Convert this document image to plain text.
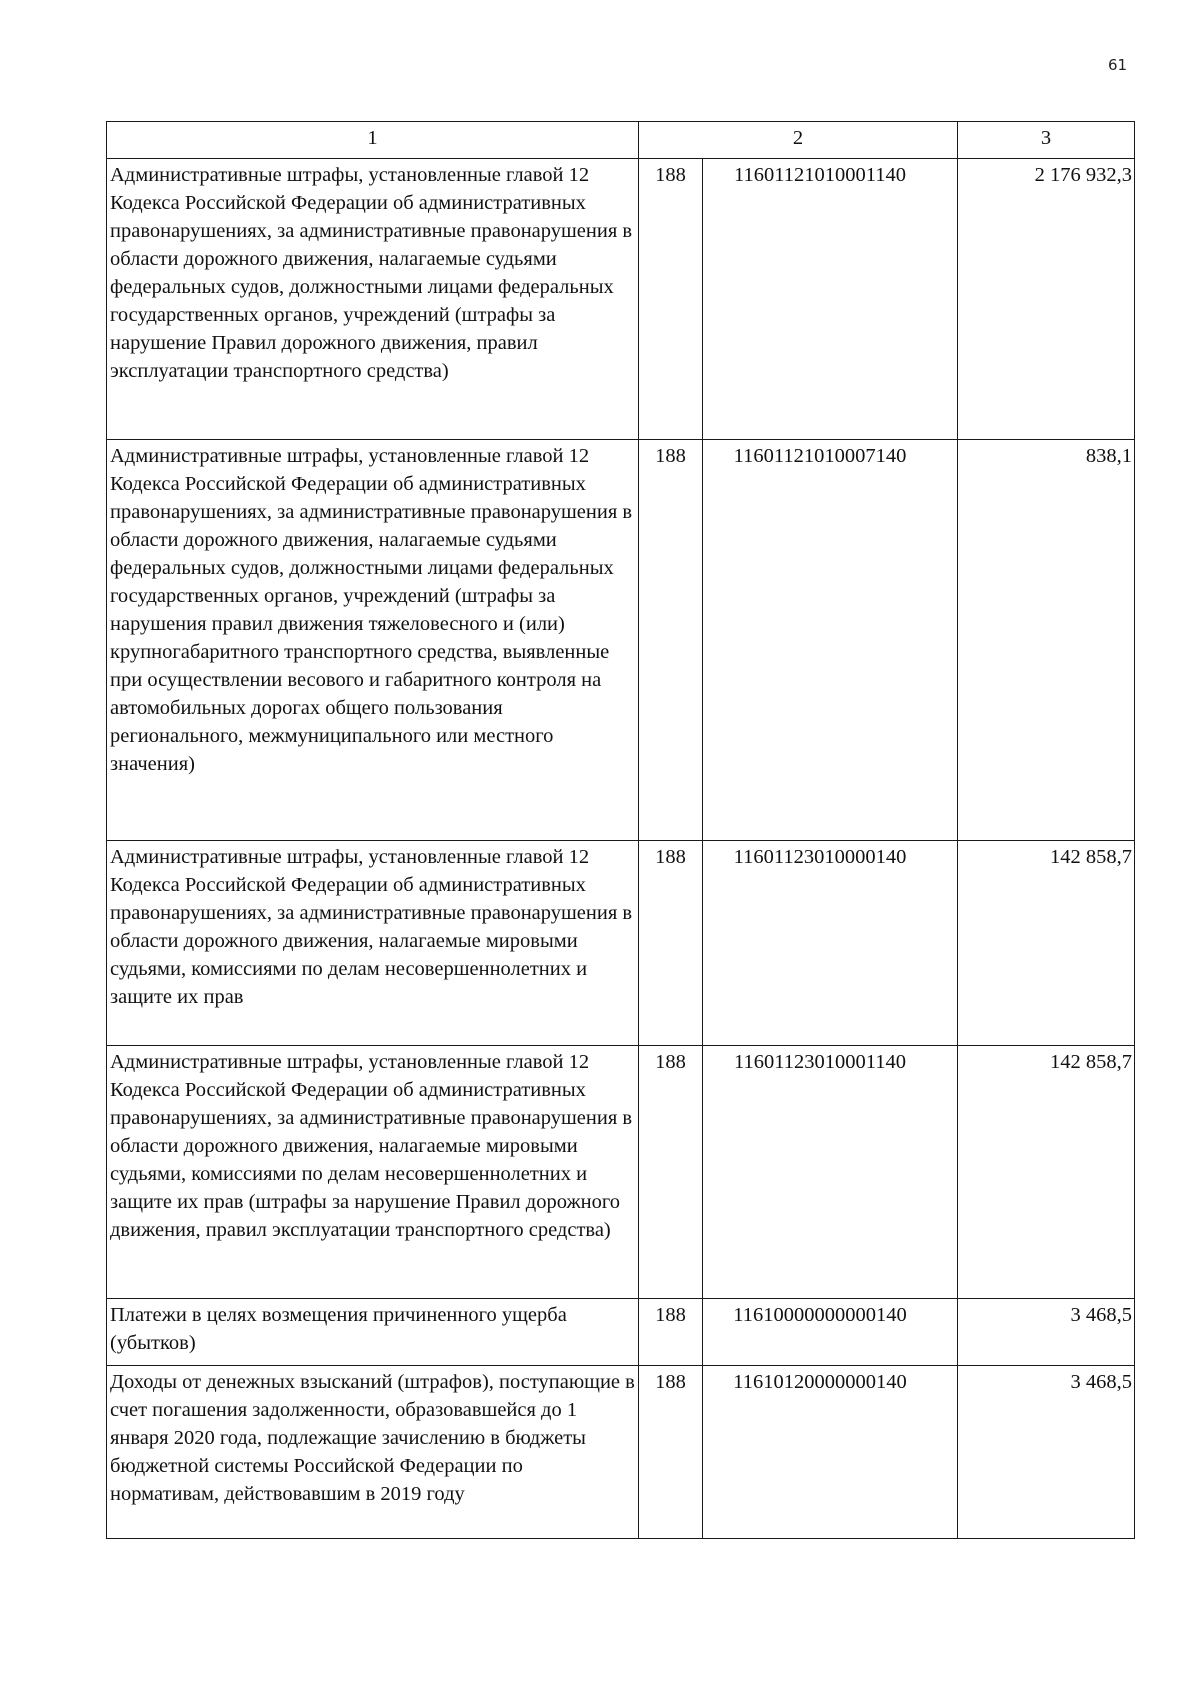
61
1	2		3
Административные штрафы, установленные главой 12 Кодекса Российской Федерации об административных правонарушениях, за административные правонарушения в области дорожного движения, налагаемые судьями федеральных судов, должностными лицами федеральных государственных органов, учреждений (штрафы за нарушение Правил дорожного движения, правил эксплуатации транспортного средства)	188	11601121010001140	2 176 932,3
Административные штрафы, установленные главой 12 Кодекса Российской Федерации об административных правонарушениях, за административные правонарушения в области дорожного движения, налагаемые судьями федеральных судов, должностными лицами федеральных государственных органов, учреждений (штрафы за нарушения правил движения тяжеловесного и (или) крупногабаритного транспортного средства, выявленные при осуществлении весового и габаритного контроля на автомобильных дорогах общего пользования регионального, межмуниципального или местного значения)	188	11601121010007140	838,1
Административные штрафы, установленные главой 12 Кодекса Российской Федерации об административных правонарушениях, за административные правонарушения в области дорожного движения, налагаемые мировыми судьями, комиссиями по делам несовершеннолетних и защите их прав	188	11601123010000140	142 858,7
Административные штрафы, установленные главой 12 Кодекса Российской Федерации об административных правонарушениях, за административные правонарушения в области дорожного движения, налагаемые мировыми судьями, комиссиями по делам несовершеннолетних и защите их прав (штрафы за нарушение Правил дорожного движения, правил эксплуатации транспортного средства)	188	11601123010001140	142 858,7
Платежи в целях возмещения причиненного ущерба (убытков)	188	11610000000000140	3 468,5
Доходы от денежных взысканий (штрафов), поступающие в счет погашения задолженности, образовавшейся до 1 января 2020 года, подлежащие зачислению в бюджеты бюджетной системы Российской Федерации по нормативам, действовавшим в 2019 году	188	11610120000000140	3 468,5
